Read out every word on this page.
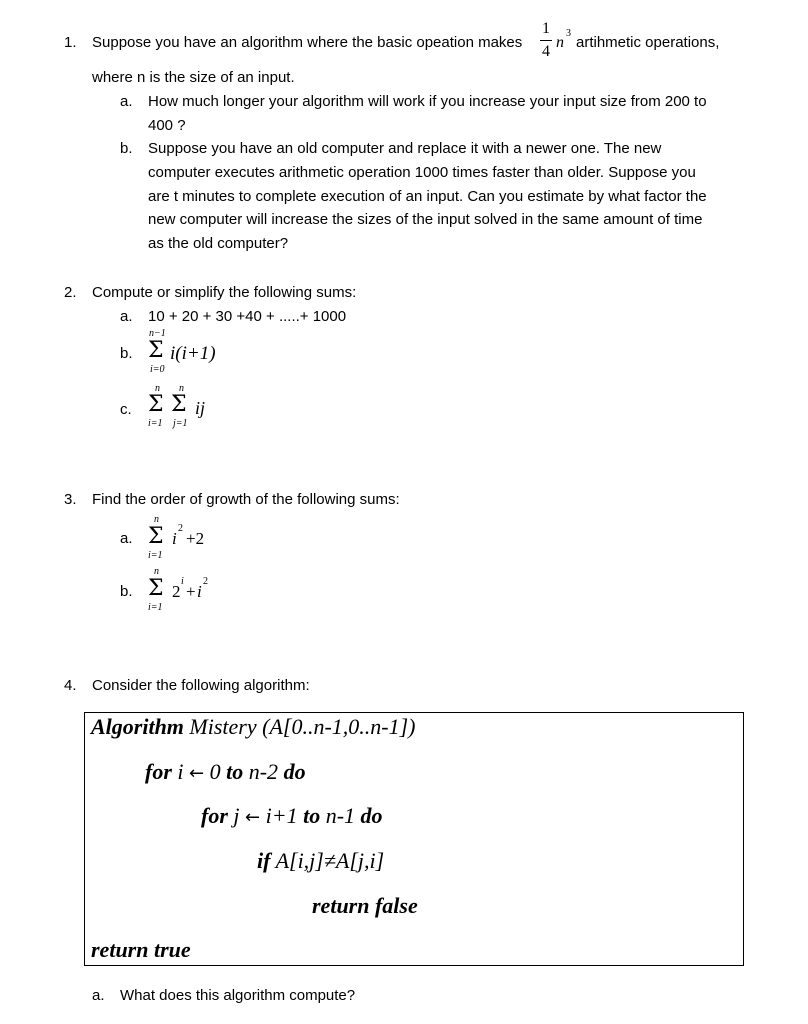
1. Suppose you have an algorithm where the basic opeation makes
1
4
n
3
artihmetic operations,
where n is the size of an input.
a. How much longer your algorithm will work if you increase your input size from 200 to
400 ?
b. Suppose you have an old computer and replace it with a newer one. The new
computer executes arithmetic operation 1000 times faster than older. Suppose you
are t minutes to complete execution of an input. Can you estimate by what factor the
new computer will increase the sizes of the input solved in the same amount of time
as the old computer?
2. Compute or simplify the following sums:
a. 10 + 20 + 30 +40 + .....+ 1000
b.
n−1
Σ
i=0
i(i+1)
c.
n n
Σ Σ
i=1 j=1
ij
3. Find the order of growth of the following sums:
a.
n
Σ
i=1
i
2
+2
b.
n
Σ
i=1
2
i
+ i
2
4. Consider the following algorithm:
Algorithm Mistery (A[0..n-1,0..n-1])
for i ← 0 to n-2 do
for j ← i+1 to n-1 do
if A[i,j]≠A[j,i]
return false
return true
a. What does this algorithm compute?
